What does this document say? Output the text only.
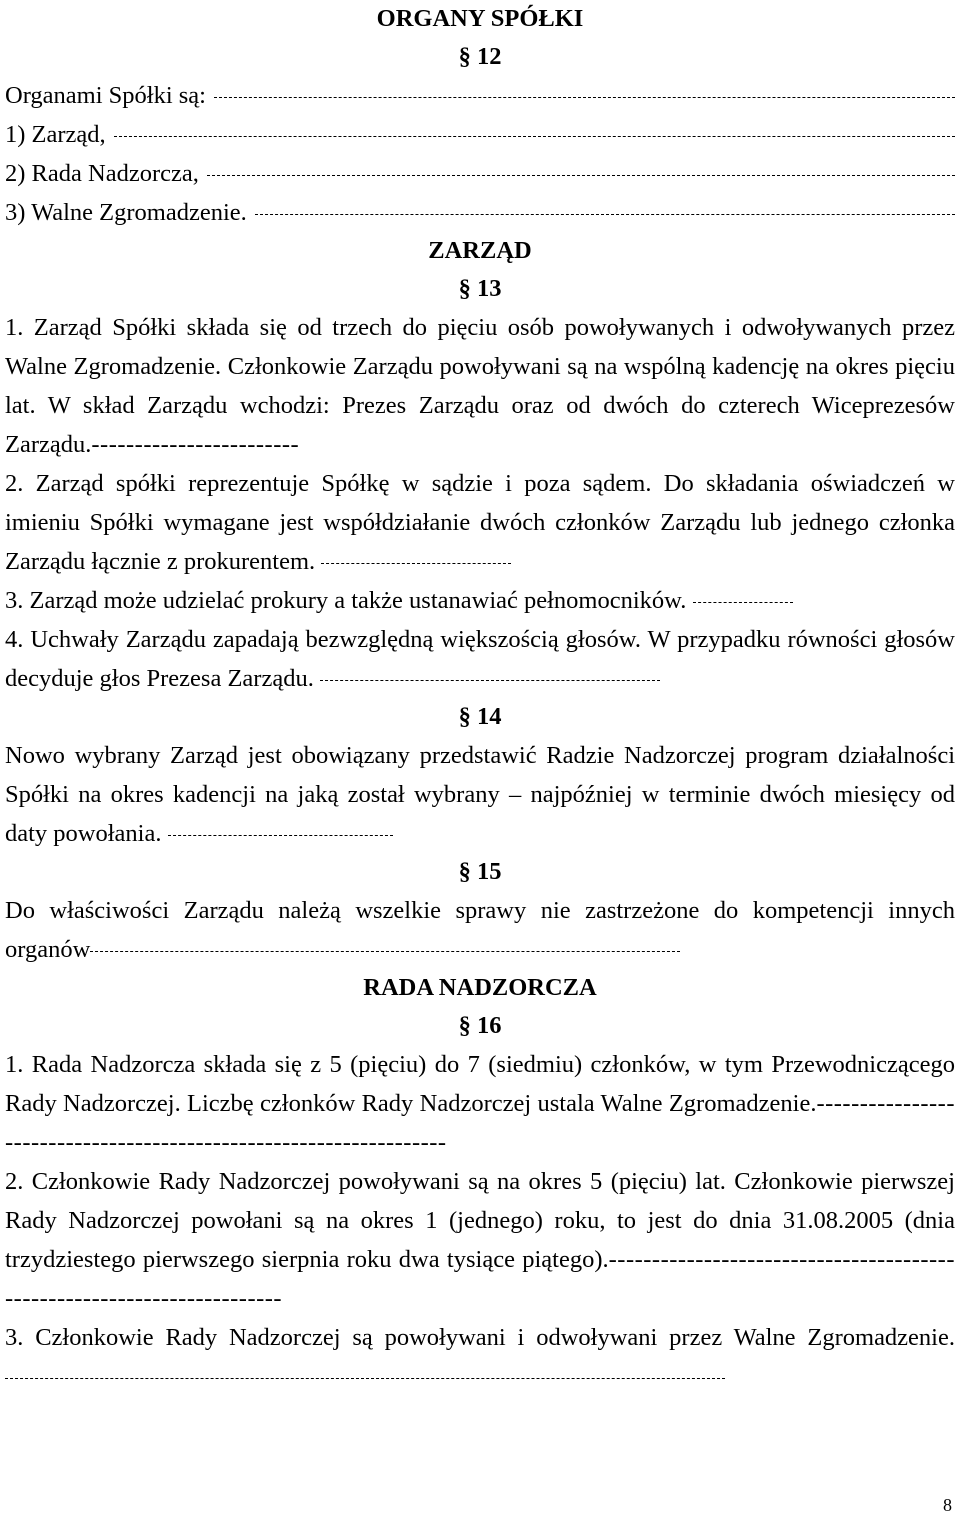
ORGANY SPÓŁKI
§ 12
Organami Spółki są:
1) Zarząd,
2) Rada Nadzorcza,
3) Walne Zgromadzenie.
ZARZĄD
§ 13

1. Zarząd Spółki składa się od trzech do pięciu osób powoływanych i odwoływanych przez Walne Zgromadzenie. Członkowie Zarządu powoływani są na wspólną kadencję na okres pięciu lat. W skład Zarządu wchodzi: Prezes Zarządu oraz od dwóch do czterech Wiceprezesów Zarządu.------------------------

2. Zarząd spółki reprezentuje Spółkę w sądzie i poza sądem. Do składania oświadczeń w imieniu Spółki wymagane jest współdziałanie dwóch członków Zarządu lub jednego członka Zarządu łącznie z prokurentem.

3. Zarząd może udzielać prokury a także ustanawiać pełnomocników.

4. Uchwały Zarządu zapadają bezwzględną większością głosów. W przypadku równości głosów decyduje głos Prezesa Zarządu.

§ 14

Nowo wybrany Zarząd jest obowiązany przedstawić Radzie Nadzorczej program działalności Spółki na okres kadencji na jaką został wybrany – najpóźniej w terminie dwóch miesięcy od daty powołania.

§ 15

Do właściwości Zarządu należą wszelkie sprawy nie zastrzeżone do kompetencji innych organów

RADA NADZORCZA
§ 16

1. Rada Nadzorcza składa się z 5 (pięciu) do 7 (siedmiu) członków, w tym Przewodniczącego Rady Nadzorczej. Liczbę członków Rady Nadzorczej ustala Walne Zgromadzenie.-------------------------------------------------------------------

2. Członkowie Rady Nadzorczej powoływani są na okres 5 (pięciu) lat. Członkowie pierwszej Rady Nadzorczej powołani są na okres 1 (jednego) roku, to jest do dnia 31.08.2005 (dnia trzydziestego pierwszego sierpnia roku dwa tysiące piątego).------------------------------------------------------------------------

3. Członkowie Rady Nadzorczej są powoływani i odwoływani przez Walne Zgromadzenie.

8
